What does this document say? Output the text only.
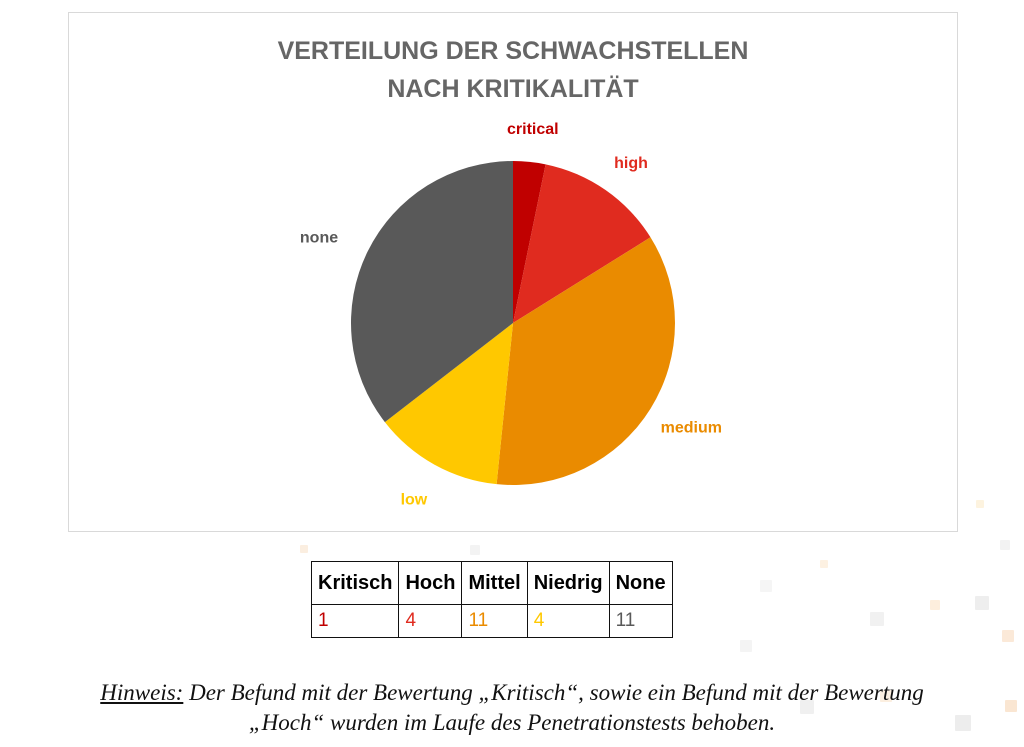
VERTEILUNG DER SCHWACHSTELLEN
NACH KRITIKALITÄT
critical
high
medium
low
none
Kritisch	Hoch	Mittel	Niedrig	None
1	4	11	4	11
Hinweis: Der Befund mit der Bewertung „Kritisch“, sowie ein Befund mit der Bewertung
„Hoch“ wurden im Laufe des Penetrationstests behoben.
